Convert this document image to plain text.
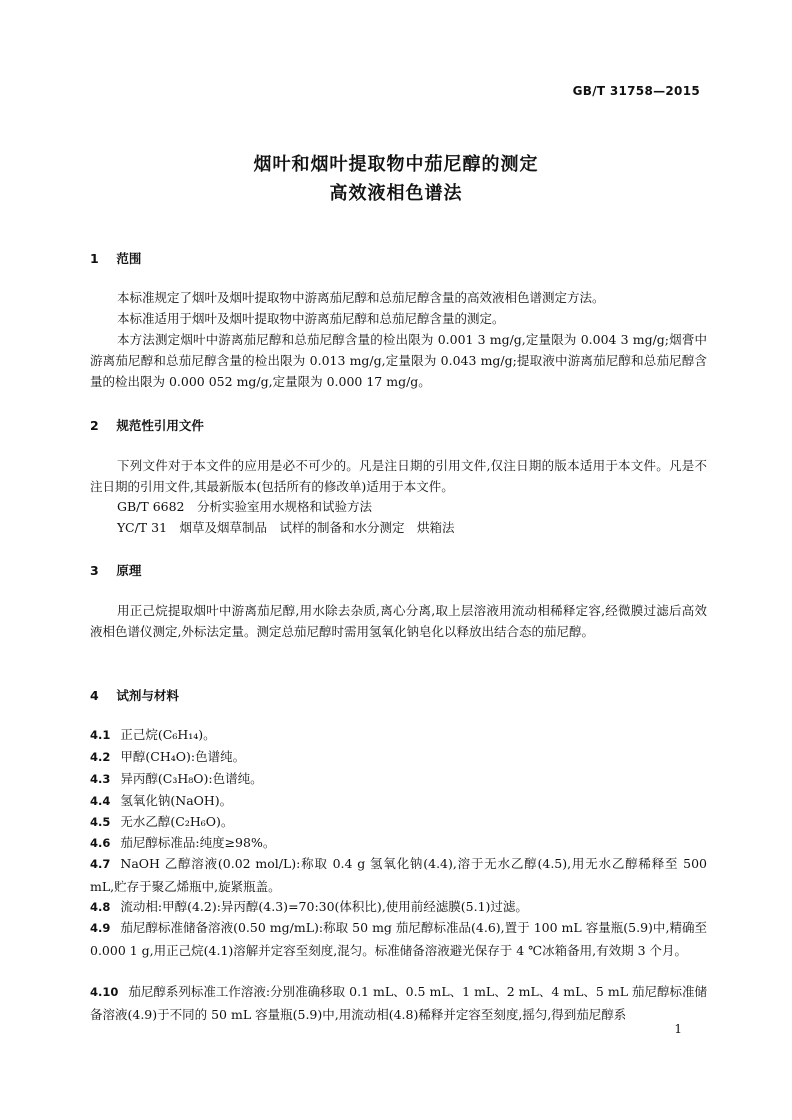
GB/T 31758—2015
烟叶和烟叶提取物中茄尼醇的测定
高效液相色谱法
1 范围
本标准规定了烟叶及烟叶提取物中游离茄尼醇和总茄尼醇含量的高效液相色谱测定方法。
本标准适用于烟叶及烟叶提取物中游离茄尼醇和总茄尼醇含量的测定。
本方法测定烟叶中游离茄尼醇和总茄尼醇含量的检出限为 0.001 3 mg/g,定量限为 0.004 3 mg/g;烟膏中游离茄尼醇和总茄尼醇含量的检出限为 0.013 mg/g,定量限为 0.043 mg/g;提取液中游离茄尼醇和总茄尼醇含量的检出限为 0.000 052 mg/g,定量限为 0.000 17 mg/g。
2 规范性引用文件
下列文件对于本文件的应用是必不可少的。凡是注日期的引用文件,仅注日期的版本适用于本文件。凡是不注日期的引用文件,其最新版本(包括所有的修改单)适用于本文件。
GB/T 6682　分析实验室用水规格和试验方法
YC/T 31　烟草及烟草制品　试样的制备和水分测定　烘箱法
3 原理
用正己烷提取烟叶中游离茄尼醇,用水除去杂质,离心分离,取上层溶液用流动相稀释定容,经微膜过滤后高效液相色谱仪测定,外标法定量。测定总茄尼醇时需用氢氧化钠皂化以释放出结合态的茄尼醇。
4 试剂与材料
4.1 正己烷(C₆H₁₄)。
4.2 甲醇(CH₄O):色谱纯。
4.3 异丙醇(C₃H₈O):色谱纯。
4.4 氢氧化钠(NaOH)。
4.5 无水乙醇(C₂H₆O)。
4.6 茄尼醇标准品:纯度≥98%。
4.7 NaOH 乙醇溶液(0.02 mol/L):称取 0.4 g 氢氧化钠(4.4),溶于无水乙醇(4.5),用无水乙醇稀释至 500 mL,贮存于聚乙烯瓶中,旋紧瓶盖。
4.8 流动相:甲醇(4.2):异丙醇(4.3)=70:30(体积比),使用前经滤膜(5.1)过滤。
4.9 茄尼醇标准储备溶液(0.50 mg/mL):称取 50 mg 茄尼醇标准品(4.6),置于 100 mL 容量瓶(5.9)中,精确至 0.000 1 g,用正己烷(4.1)溶解并定容至刻度,混匀。标准储备溶液避光保存于 4 ℃冰箱备用,有效期 3 个月。
4.10 茄尼醇系列标准工作溶液:分别准确移取 0.1 mL、0.5 mL、1 mL、2 mL、4 mL、5 mL 茄尼醇标准储备溶液(4.9)于不同的 50 mL 容量瓶(5.9)中,用流动相(4.8)稀释并定容至刻度,摇匀,得到茄尼醇系
1
